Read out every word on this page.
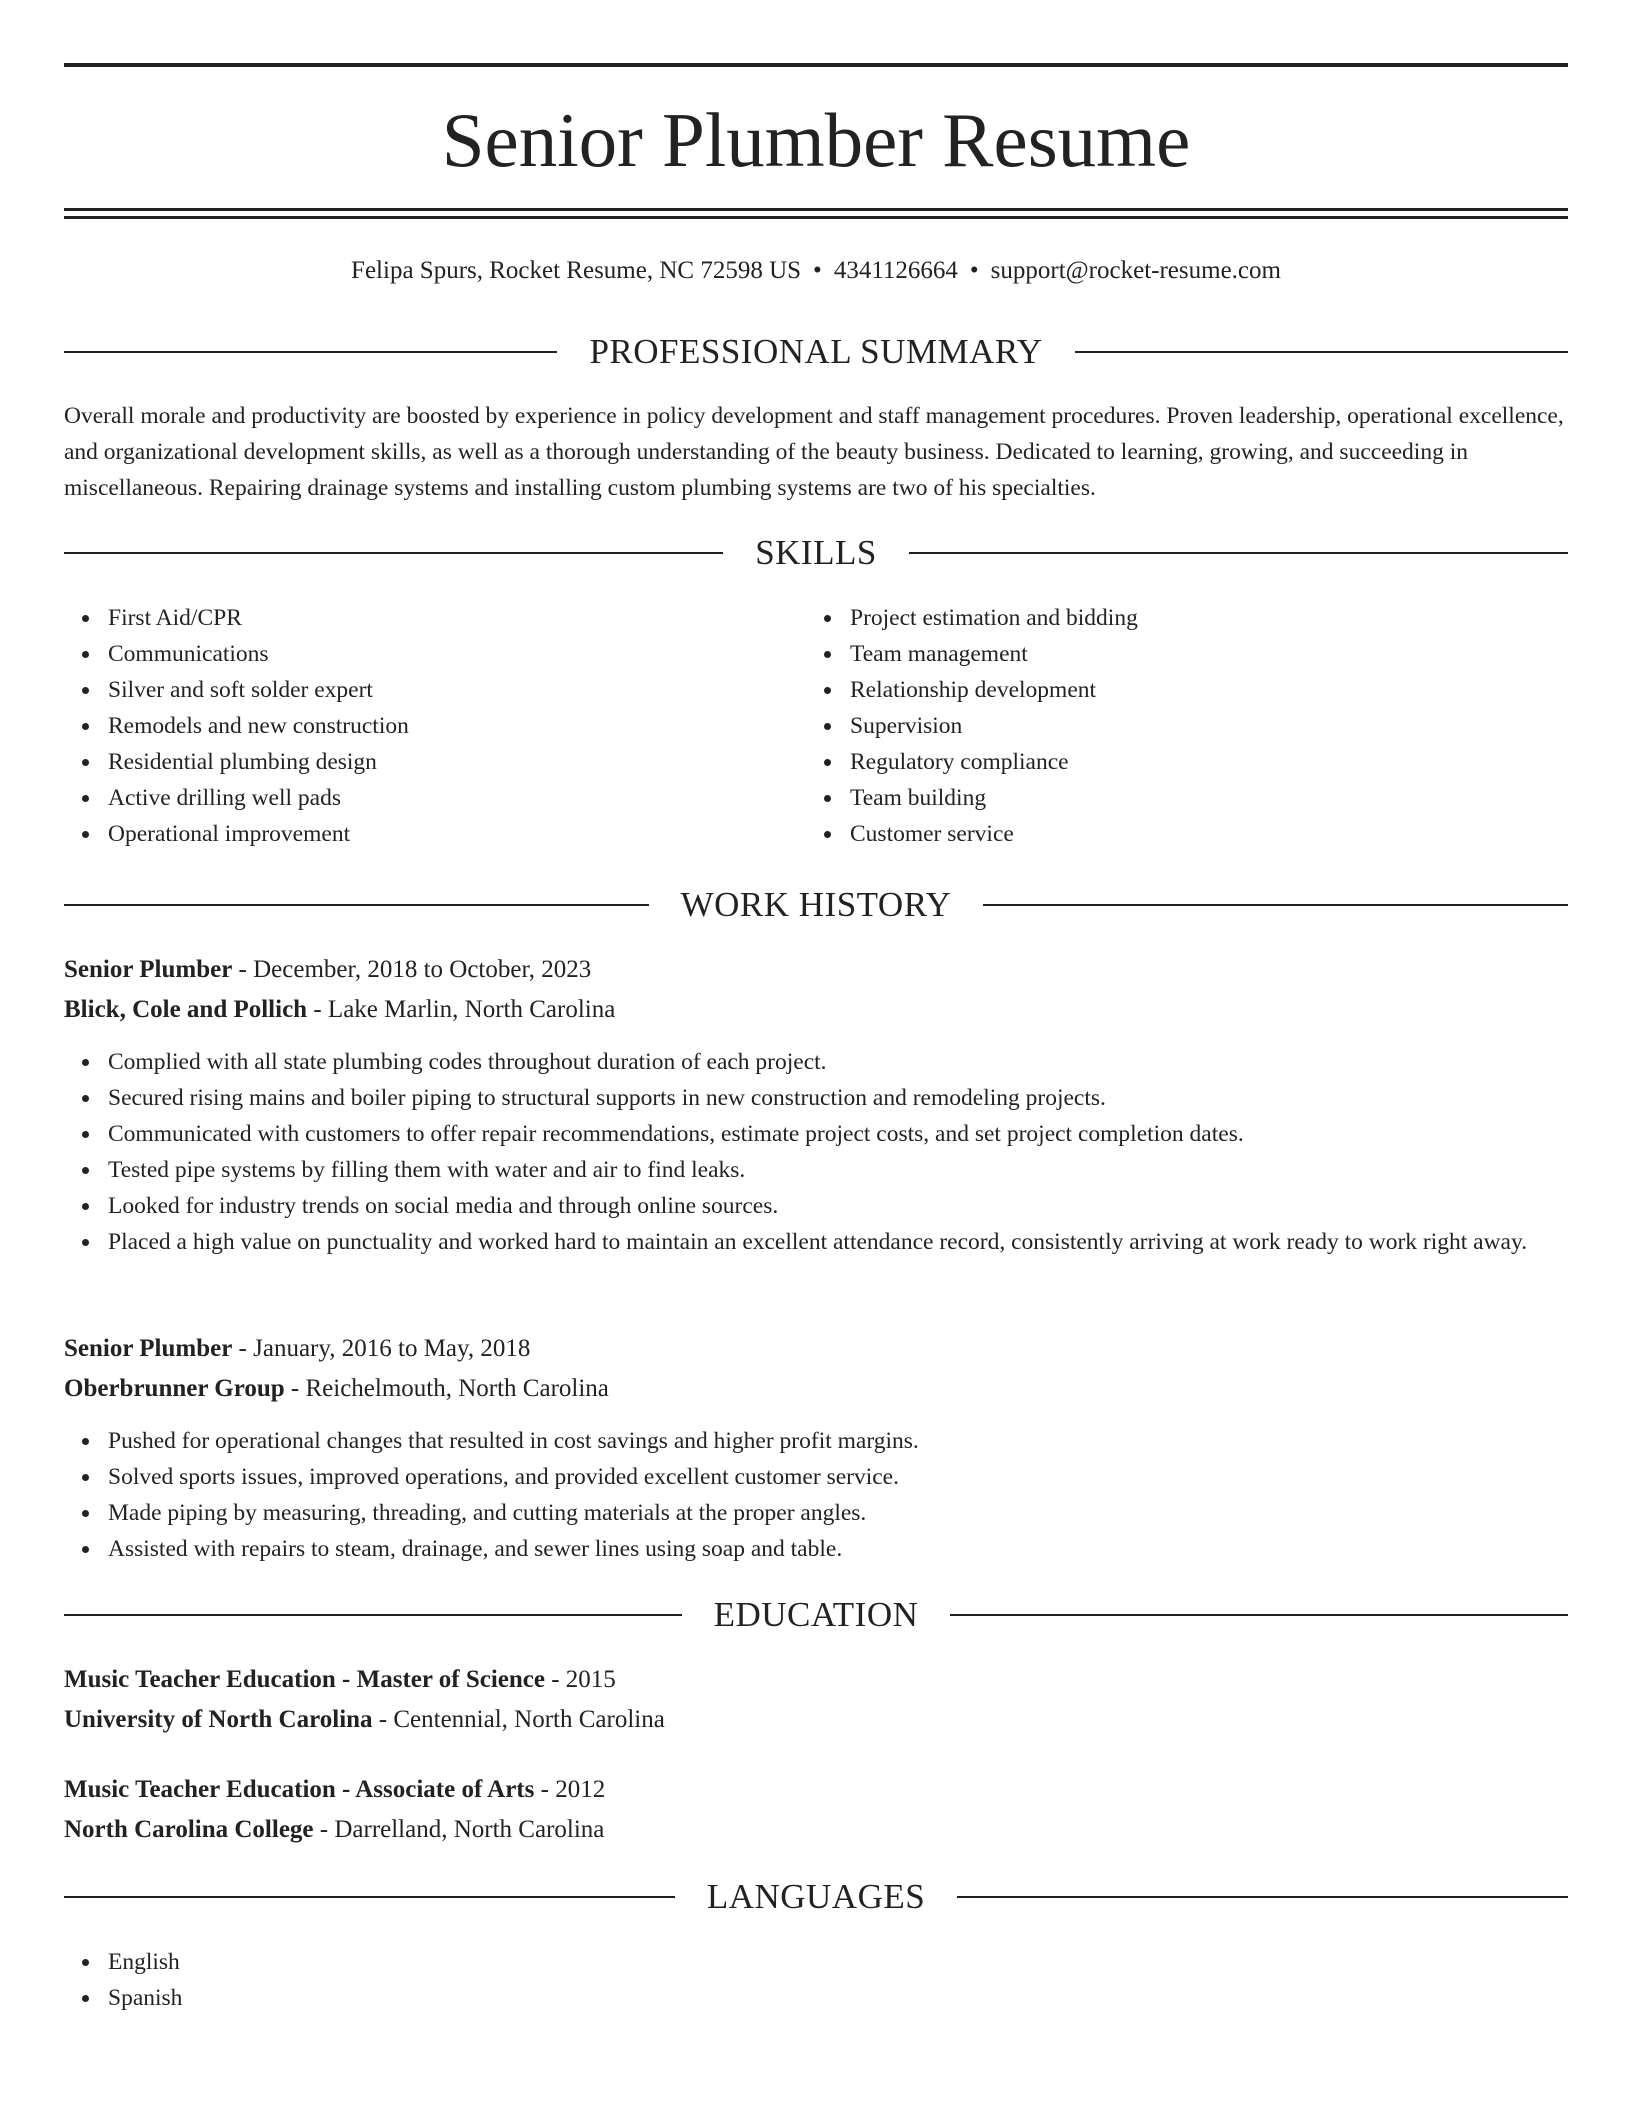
Senior Plumber Resume
Felipa Spurs, Rocket Resume, NC 72598 US • 4341126664 • support@rocket-resume.com
PROFESSIONAL SUMMARY
Overall morale and productivity are boosted by experience in policy development and staff management procedures. Proven leadership, operational excellence, and organizational development skills, as well as a thorough understanding of the beauty business. Dedicated to learning, growing, and succeeding in miscellaneous. Repairing drainage systems and installing custom plumbing systems are two of his specialties.
SKILLS
First Aid/CPR
Communications
Silver and soft solder expert
Remodels and new construction
Residential plumbing design
Active drilling well pads
Operational improvement
Project estimation and bidding
Team management
Relationship development
Supervision
Regulatory compliance
Team building
Customer service
WORK HISTORY
Senior Plumber - December, 2018 to October, 2023
Blick, Cole and Pollich - Lake Marlin, North Carolina
Complied with all state plumbing codes throughout duration of each project.
Secured rising mains and boiler piping to structural supports in new construction and remodeling projects.
Communicated with customers to offer repair recommendations, estimate project costs, and set project completion dates.
Tested pipe systems by filling them with water and air to find leaks.
Looked for industry trends on social media and through online sources.
Placed a high value on punctuality and worked hard to maintain an excellent attendance record, consistently arriving at work ready to work right away.
Senior Plumber - January, 2016 to May, 2018
Oberbrunner Group - Reichelmouth, North Carolina
Pushed for operational changes that resulted in cost savings and higher profit margins.
Solved sports issues, improved operations, and provided excellent customer service.
Made piping by measuring, threading, and cutting materials at the proper angles.
Assisted with repairs to steam, drainage, and sewer lines using soap and table.
EDUCATION
Music Teacher Education - Master of Science - 2015
University of North Carolina - Centennial, North Carolina
Music Teacher Education - Associate of Arts - 2012
North Carolina College - Darrelland, North Carolina
LANGUAGES
English
Spanish
